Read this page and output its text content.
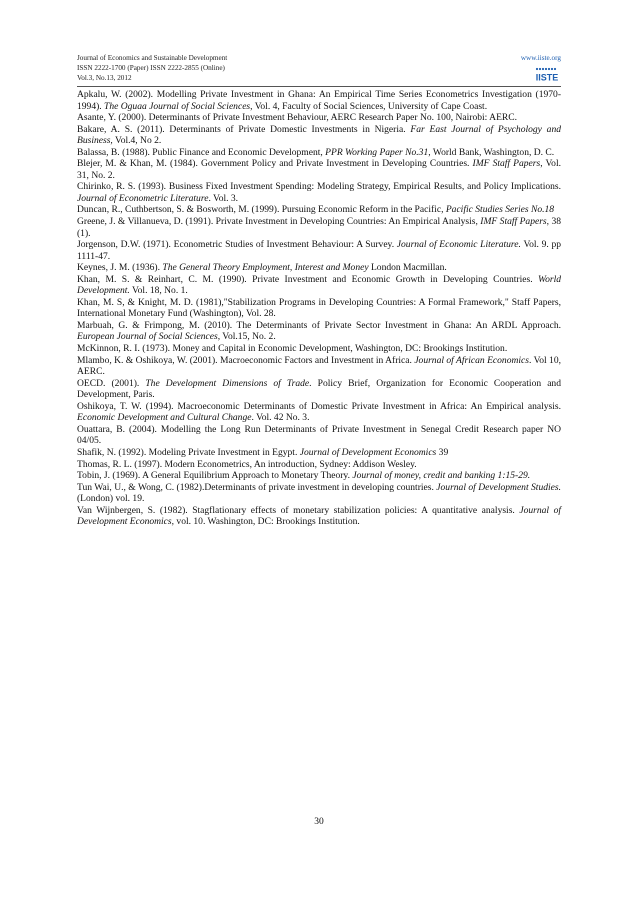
Journal of Economics and Sustainable Development
ISSN 2222-1700 (Paper) ISSN 2222-2855 (Online)
Vol.3, No.13, 2012
www.iiste.org
IISTE

Apkalu, W. (2002). Modelling Private Investment in Ghana: An Empirical Time Series Econometrics Investigation (1970-1994). The Oguaa Journal of Social Sciences, Vol. 4, Faculty of Social Sciences, University of Cape Coast.

Asante, Y. (2000). Determinants of Private Investment Behaviour, AERC Research Paper No. 100, Nairobi: AERC.

Bakare, A. S. (2011). Determinants of Private Domestic Investments in Nigeria. Far East Journal of Psychology and Business, Vol.4, No 2.

Balassa, B. (1988). Public Finance and Economic Development, PPR Working Paper No.31, World Bank, Washington, D. C.

Blejer, M. & Khan, M. (1984). Government Policy and Private Investment in Developing Countries. IMF Staff Papers, Vol. 31, No. 2.

Chirinko, R. S. (1993). Business Fixed Investment Spending: Modeling Strategy, Empirical Results, and Policy Implications. Journal of Econometric Literature. Vol. 3.

Duncan, R., Cuthbertson, S. & Bosworth, M. (1999). Pursuing Economic Reform in the Pacific, Pacific Studies Series No.18

Greene, J. & Villanueva, D. (1991). Private Investment in Developing Countries: An Empirical Analysis, IMF Staff Papers, 38 (1).

Jorgenson, D.W. (1971). Econometric Studies of Investment Behaviour: A Survey. Journal of Economic Literature. Vol. 9. pp 1111-47.

Keynes, J. M. (1936). The General Theory Employment, Interest and Money London Macmillan.

Khan, M. S. & Reinhart, C. M. (1990). Private Investment and Economic Growth in Developing Countries. World Development. Vol. 18, No. 1.

Khan, M. S, & Knight, M. D. (1981),"Stabilization Programs in Developing Countries: A Formal Framework," Staff Papers, International Monetary Fund (Washington), Vol. 28.

Marbuah, G. & Frimpong, M. (2010). The Determinants of Private Sector Investment in Ghana: An ARDL Approach. European Journal of Social Sciences, Vol.15, No. 2.

McKinnon, R. I. (1973). Money and Capital in Economic Development, Washington, DC: Brookings Institution.

Mlambo, K. & Oshikoya, W. (2001). Macroeconomic Factors and Investment in Africa. Journal of African Economics. Vol 10, AERC.

OECD. (2001). The Development Dimensions of Trade. Policy Brief, Organization for Economic Cooperation and Development, Paris.

Oshikoya, T. W. (1994). Macroeconomic Determinants of Domestic Private Investment in Africa: An Empirical analysis. Economic Development and Cultural Change. Vol. 42 No. 3.

Ouattara, B. (2004). Modelling the Long Run Determinants of Private Investment in Senegal Credit Research paper NO 04/05.

Shafik, N. (1992). Modeling Private Investment in Egypt. Journal of Development Economics 39

Thomas, R. L. (1997). Modern Econometrics, An introduction, Sydney: Addison Wesley.

Tobin, J. (1969). A General Equilibrium Approach to Monetary Theory. Journal of money, credit and banking 1:15-29.

Tun Wai, U., & Wong, C. (1982).Determinants of private investment in developing countries. Journal of Development Studies. (London) vol. 19.

Van Wijnbergen, S. (1982). Stagflationary effects of monetary stabilization policies: A quantitative analysis. Journal of Development Economics, vol. 10. Washington, DC: Brookings Institution.

30
